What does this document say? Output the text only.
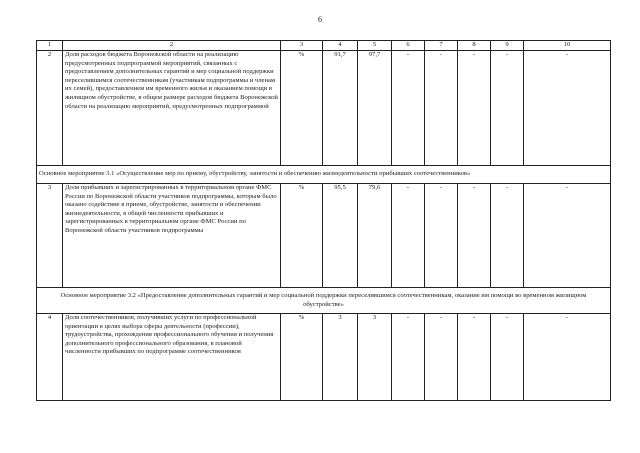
6
1	2	3	4	5	6	7	8	9	10
2	Доля расходов бюджета Воронежской области на реализацию предусмотренных подпрограммой мероприятий, связанных с предоставлением дополнительных гарантий и мер социальной поддержки переселившимся соотечественникам (участникам подпрограммы и членам их семей), предоставлением им временного жилья и оказанием помощи в жилищном обустройстве, в общем размере расходов бюджета Воронежской области на реализацию мероприятий, предусмотренных подпрограммой	%	91,7	97,7	-	-	-	-	-
Основное мероприятие 3.1 «Осуществление мер по приему, обустройству, занятости и обеспечению жизнедеятельности прибывших соотечественников»									
3	Доля прибывших и зарегистрированных в территориальном органе ФМС России по Воронежской области участников подпрограммы, которым было оказано содействие в приеме, обустройстве, занятости и обеспечении жизнедеятельности, в общей численности прибывших и зарегистрированных в территориальном органе ФМС России по Воронежской области участников подпрограммы	%	95,5	79,6	-	-	-	-	-
Основное мероприятие 3.2 «Предоставление дополнительных гарантий и мер социальной поддержки переселившимся соотечественникам, оказание им помощи во временном жилищном обустройстве»									
4	Доля соотечественников, получивших услуги по профессиональной ориентации в целях выбора сферы деятельности (профессии), трудоустройства, прохождения профессионального обучения и получения дополнительного профессионального образования, в плановой численности прибывших по подпрограмме соотечественников	%	3	3	-	-	-	-	-
